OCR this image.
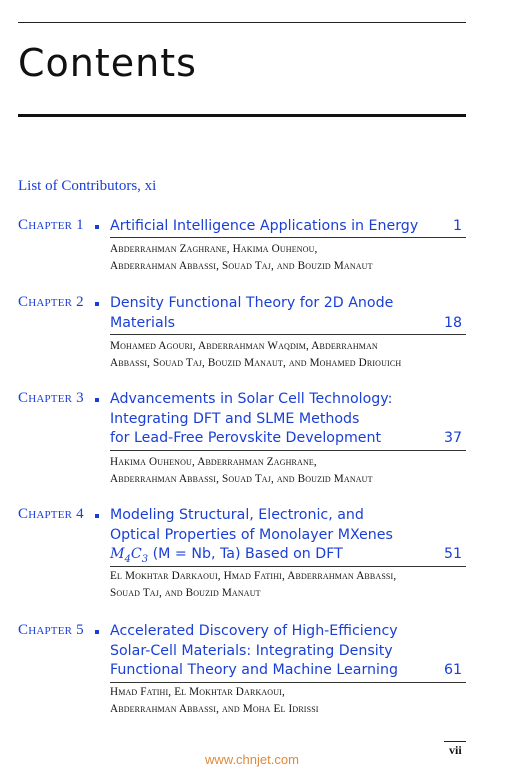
Contents
List of Contributors, xi
Chapter 1 Artificial Intelligence Applications in Energy 1
Abderrahman Zaghrane, Hakima Ouhenou,
Abderrahman Abbassi, Souad Taj, and Bouzid Manaut
Chapter 2 Density Functional Theory for 2D Anode
Materials	18
Mohamed Agouri, Abderrahman Waqdim, Abderrahman
Abbassi, Souad Taj, Bouzid Manaut, and Mohamed Driouich
Chapter 3 Advancements in Solar Cell Technology:
Integrating DFT and SLME Methods
for Lead-Free Perovskite Development	37
Hakima Ouhenou, Abderrahman Zaghrane,
Abderrahman Abbassi, Souad Taj, and Bouzid Manaut
Chapter 4 Modeling Structural, Electronic, and
Optical Properties of Monolayer MXenes
$M_4C_3$ (M = Nb, Ta) Based on DFT	51
El Mokhtar Darkaoui, Hmad Fatihi, Abderrahman Abbassi,
Souad Taj, and Bouzid Manaut
Chapter 5 Accelerated Discovery of High-Efficiency
Solar-Cell Materials: Integrating Density
Functional Theory and Machine Learning	61
Hmad Fatihi, El Mokhtar Darkaoui,
Abderrahman Abbassi, and Moha El Idrissi
vii
www.chnjet.com
